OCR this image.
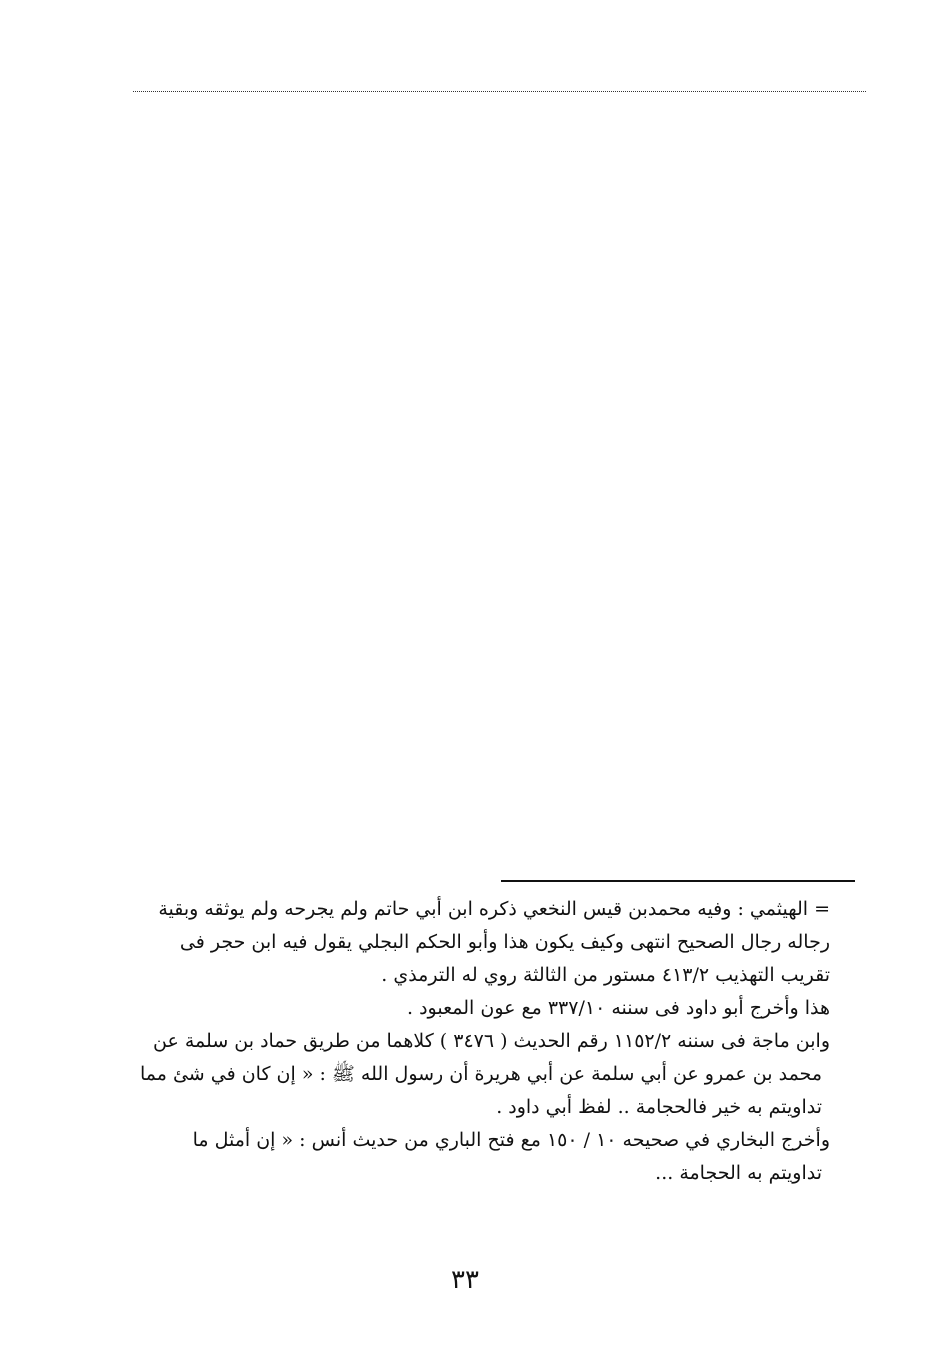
= الهيثمي : وفيه محمدبن قيس النخعي ذكره ابن أبي حاتم ولم يجرحه ولم يوثقه وبقية
رجاله رجال الصحيح انتهى وكيف يكون هذا وأبو الحكم البجلي يقول فيه ابن حجر فى
تقريب التهذيب ٤١٣/٢ مستور من الثالثة روي له الترمذي .
هذا وأخرج أبو داود فى سننه ٣٣٧/١٠ مع عون المعبود .
وابن ماجة فى سننه ١١٥٢/٢ رقم الحديث ( ٣٤٧٦ ) كلاهما من طريق حماد بن سلمة عن
محمد بن عمرو عن أبي سلمة عن أبي هريرة أن رسول الله ﷺ : « إن كان في شئ مما
تداويتم به خير فالحجامة .. لفظ أبي داود .
وأخرج البخاري في صحيحه ١٠ / ١٥٠ مع فتح الباري من حديث أنس : « إن أمثل ما
تداويتم به الحجامة ...
٣٣
